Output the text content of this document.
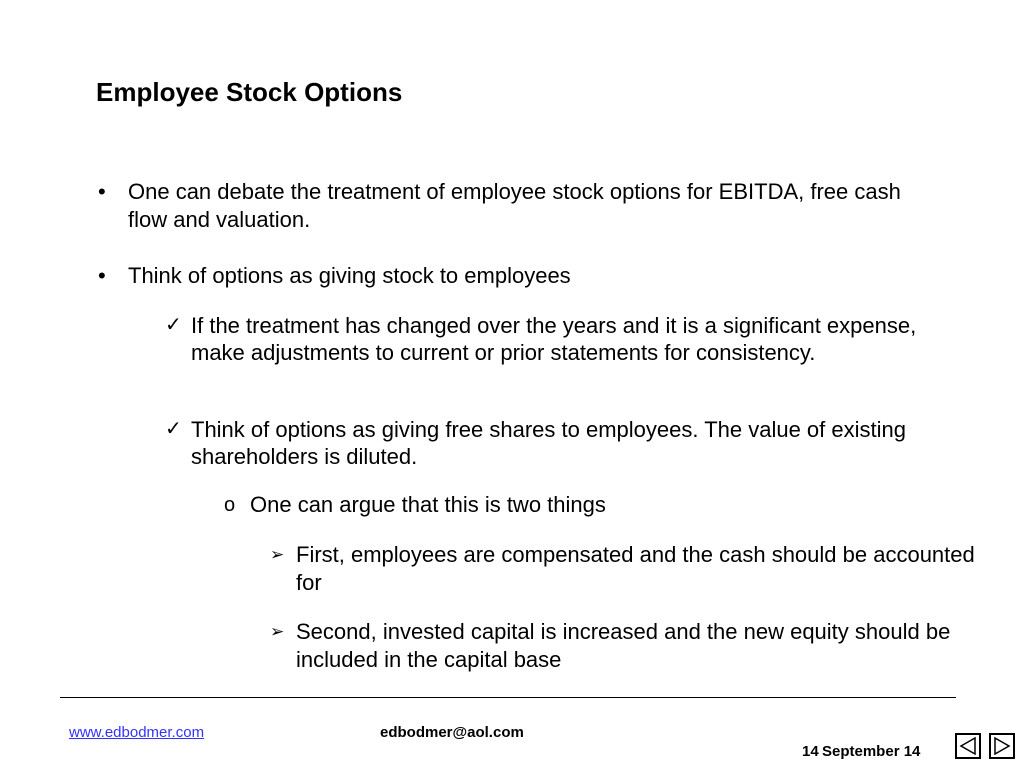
Employee Stock Options
• One can debate the treatment of employee stock options for EBITDA, free cash flow and valuation.
• Think of options as giving stock to employees
✓ If the treatment has changed over the years and it is a significant expense, make adjustments to current or prior statements for consistency.
✓ Think of options as giving free shares to employees. The value of existing shareholders is diluted.
o One can argue that this is two things
➢ First, employees are compensated and the cash should be accounted for
➢ Second, invested capital is increased and the new equity should be included in the capital base
www.edbodmer.com	edbodmer@aol.com
14 September 14
